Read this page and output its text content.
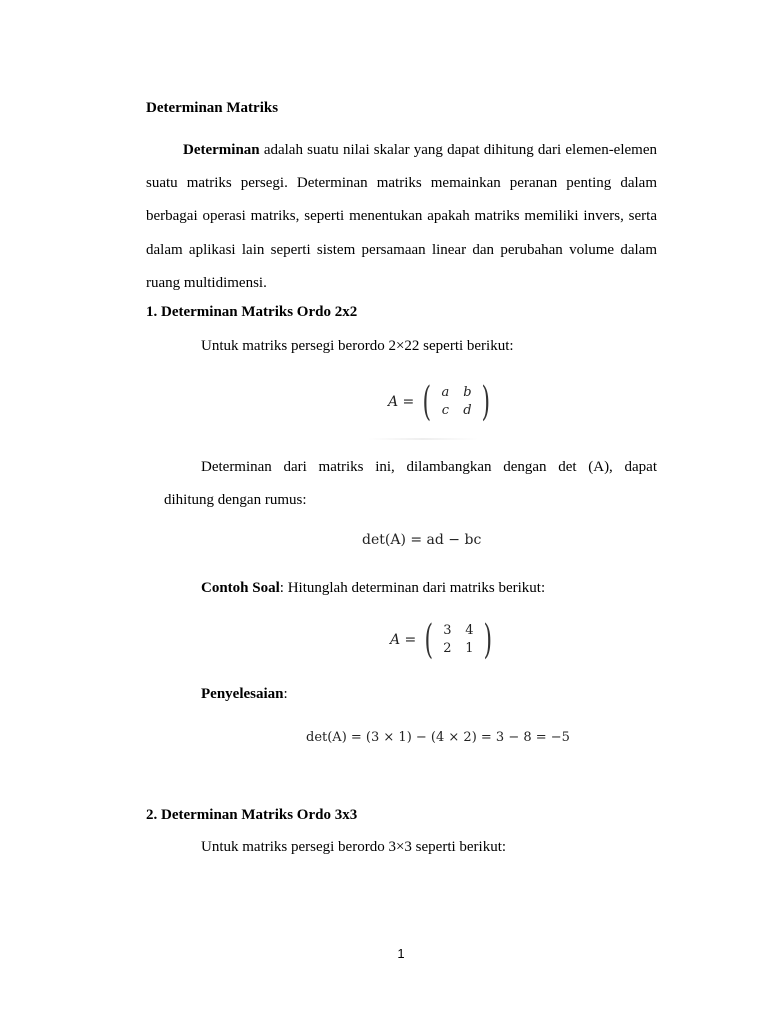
Determinan Matriks
Determinan adalah suatu nilai skalar yang dapat dihitung dari elemen-elemen suatu matriks persegi. Determinan matriks memainkan peranan penting dalam berbagai operasi matriks, seperti menentukan apakah matriks memiliki invers, serta dalam aplikasi lain seperti sistem persamaan linear dan perubahan volume dalam ruang multidimensi.
1. Determinan Matriks Ordo 2x2
Untuk matriks persegi berordo 2×22 seperti berikut:
A = ( a	b
c	d )
Determinan dari matriks ini, dilambangkan dengan det (A), dapat
dihitung dengan rumus:
det(A) = ad − bc
Contoh Soal: Hitunglah determinan dari matriks berikut:
A = ( 3	4
2	1 )
Penyelesaian:
det(A) = (3 × 1) − (4 × 2) = 3 − 8 = −5
2. Determinan Matriks Ordo 3x3
Untuk matriks persegi berordo 3×3 seperti berikut:
1
